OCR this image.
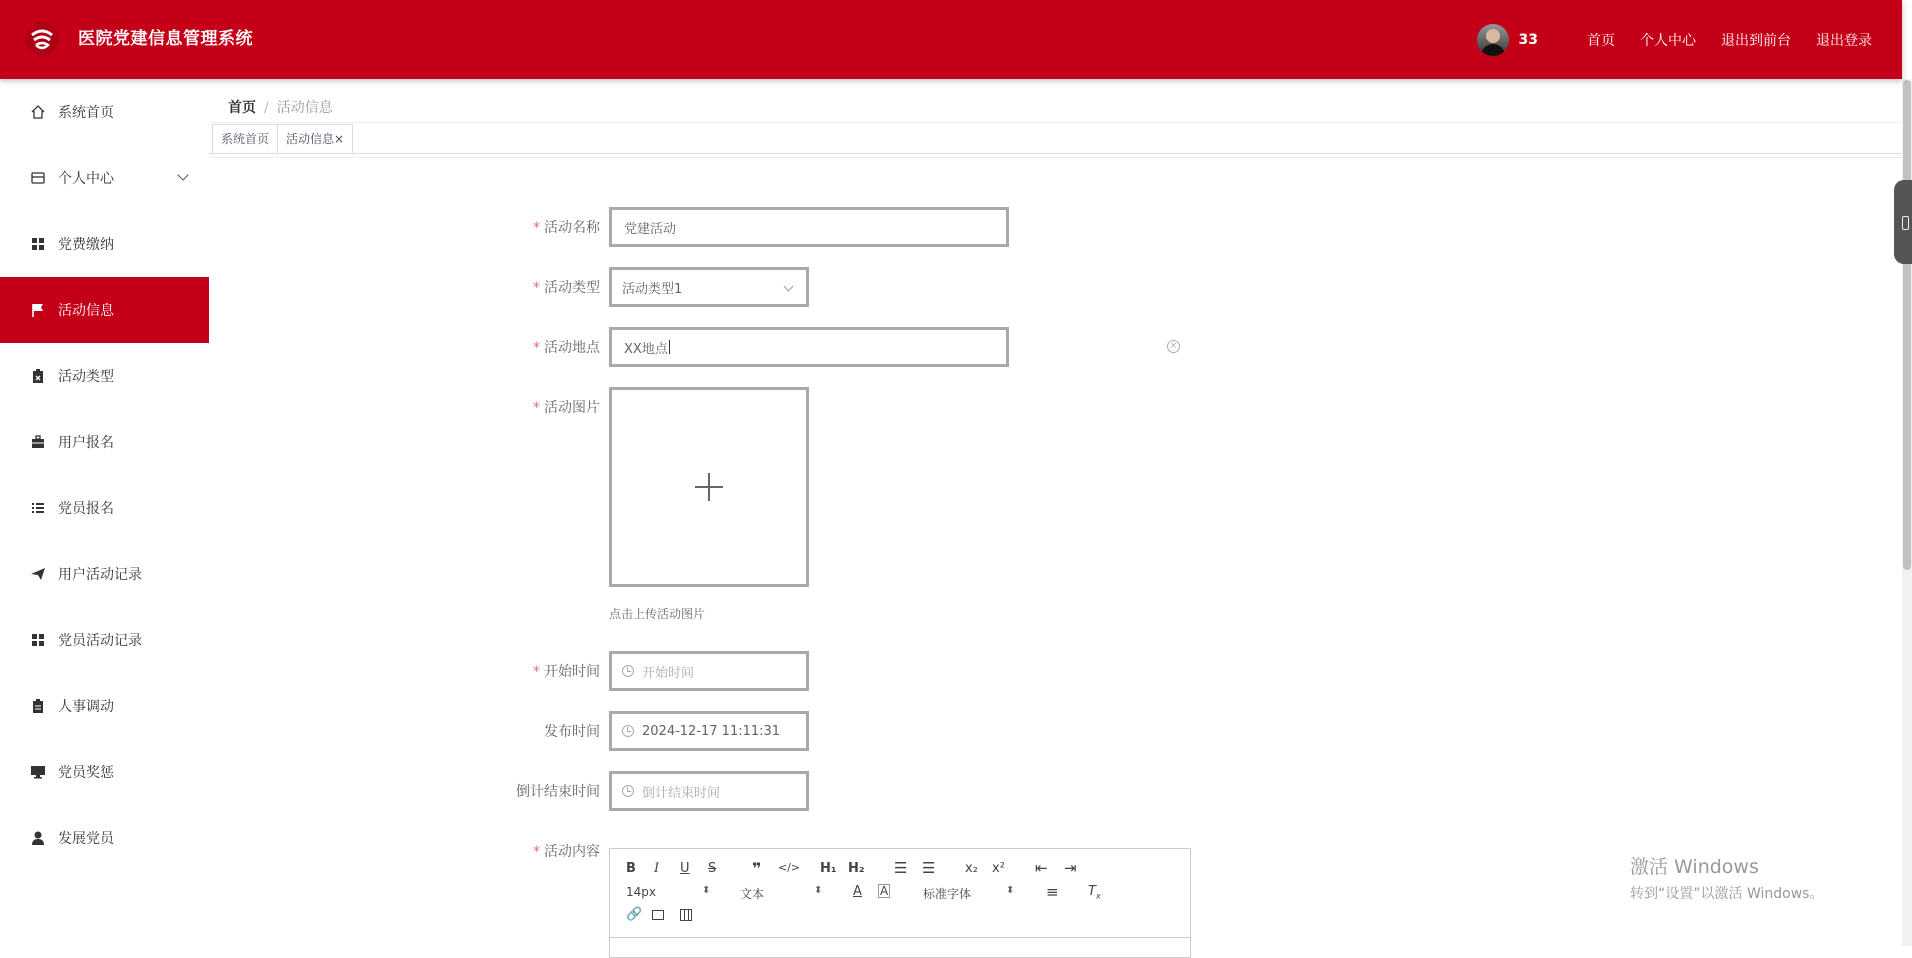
医院党建信息管理系统	33	首页 个人中心 退出到前台 退出登录
系统首页
个人中心
党费缴纳
活动信息
活动类型
用户报名
党员报名
用户活动记录
党员活动记录
人事调动
党员奖惩
发展党员
首页 / 活动信息
系统首页	活动信息×
* 活动名称 党建活动
* 活动类型 活动类型1
* 活动地点 XX地点	×
* 活动图片
点击上传活动图片
* 开始时间	开始时间
发布时间	2024-12-17 11:11:31
倒计结束时间	倒计结束时间
* 活动内容
B I U S ❞ </> H₁ H₂ ☰ ☰ x₂ x² ⇤ ⇥
14px	⬍ 文本	⬍ A A	标准字体	⬍ ≡ $T_x$
🔗
激活 Windows
转到“设置”以激活 Windows。
